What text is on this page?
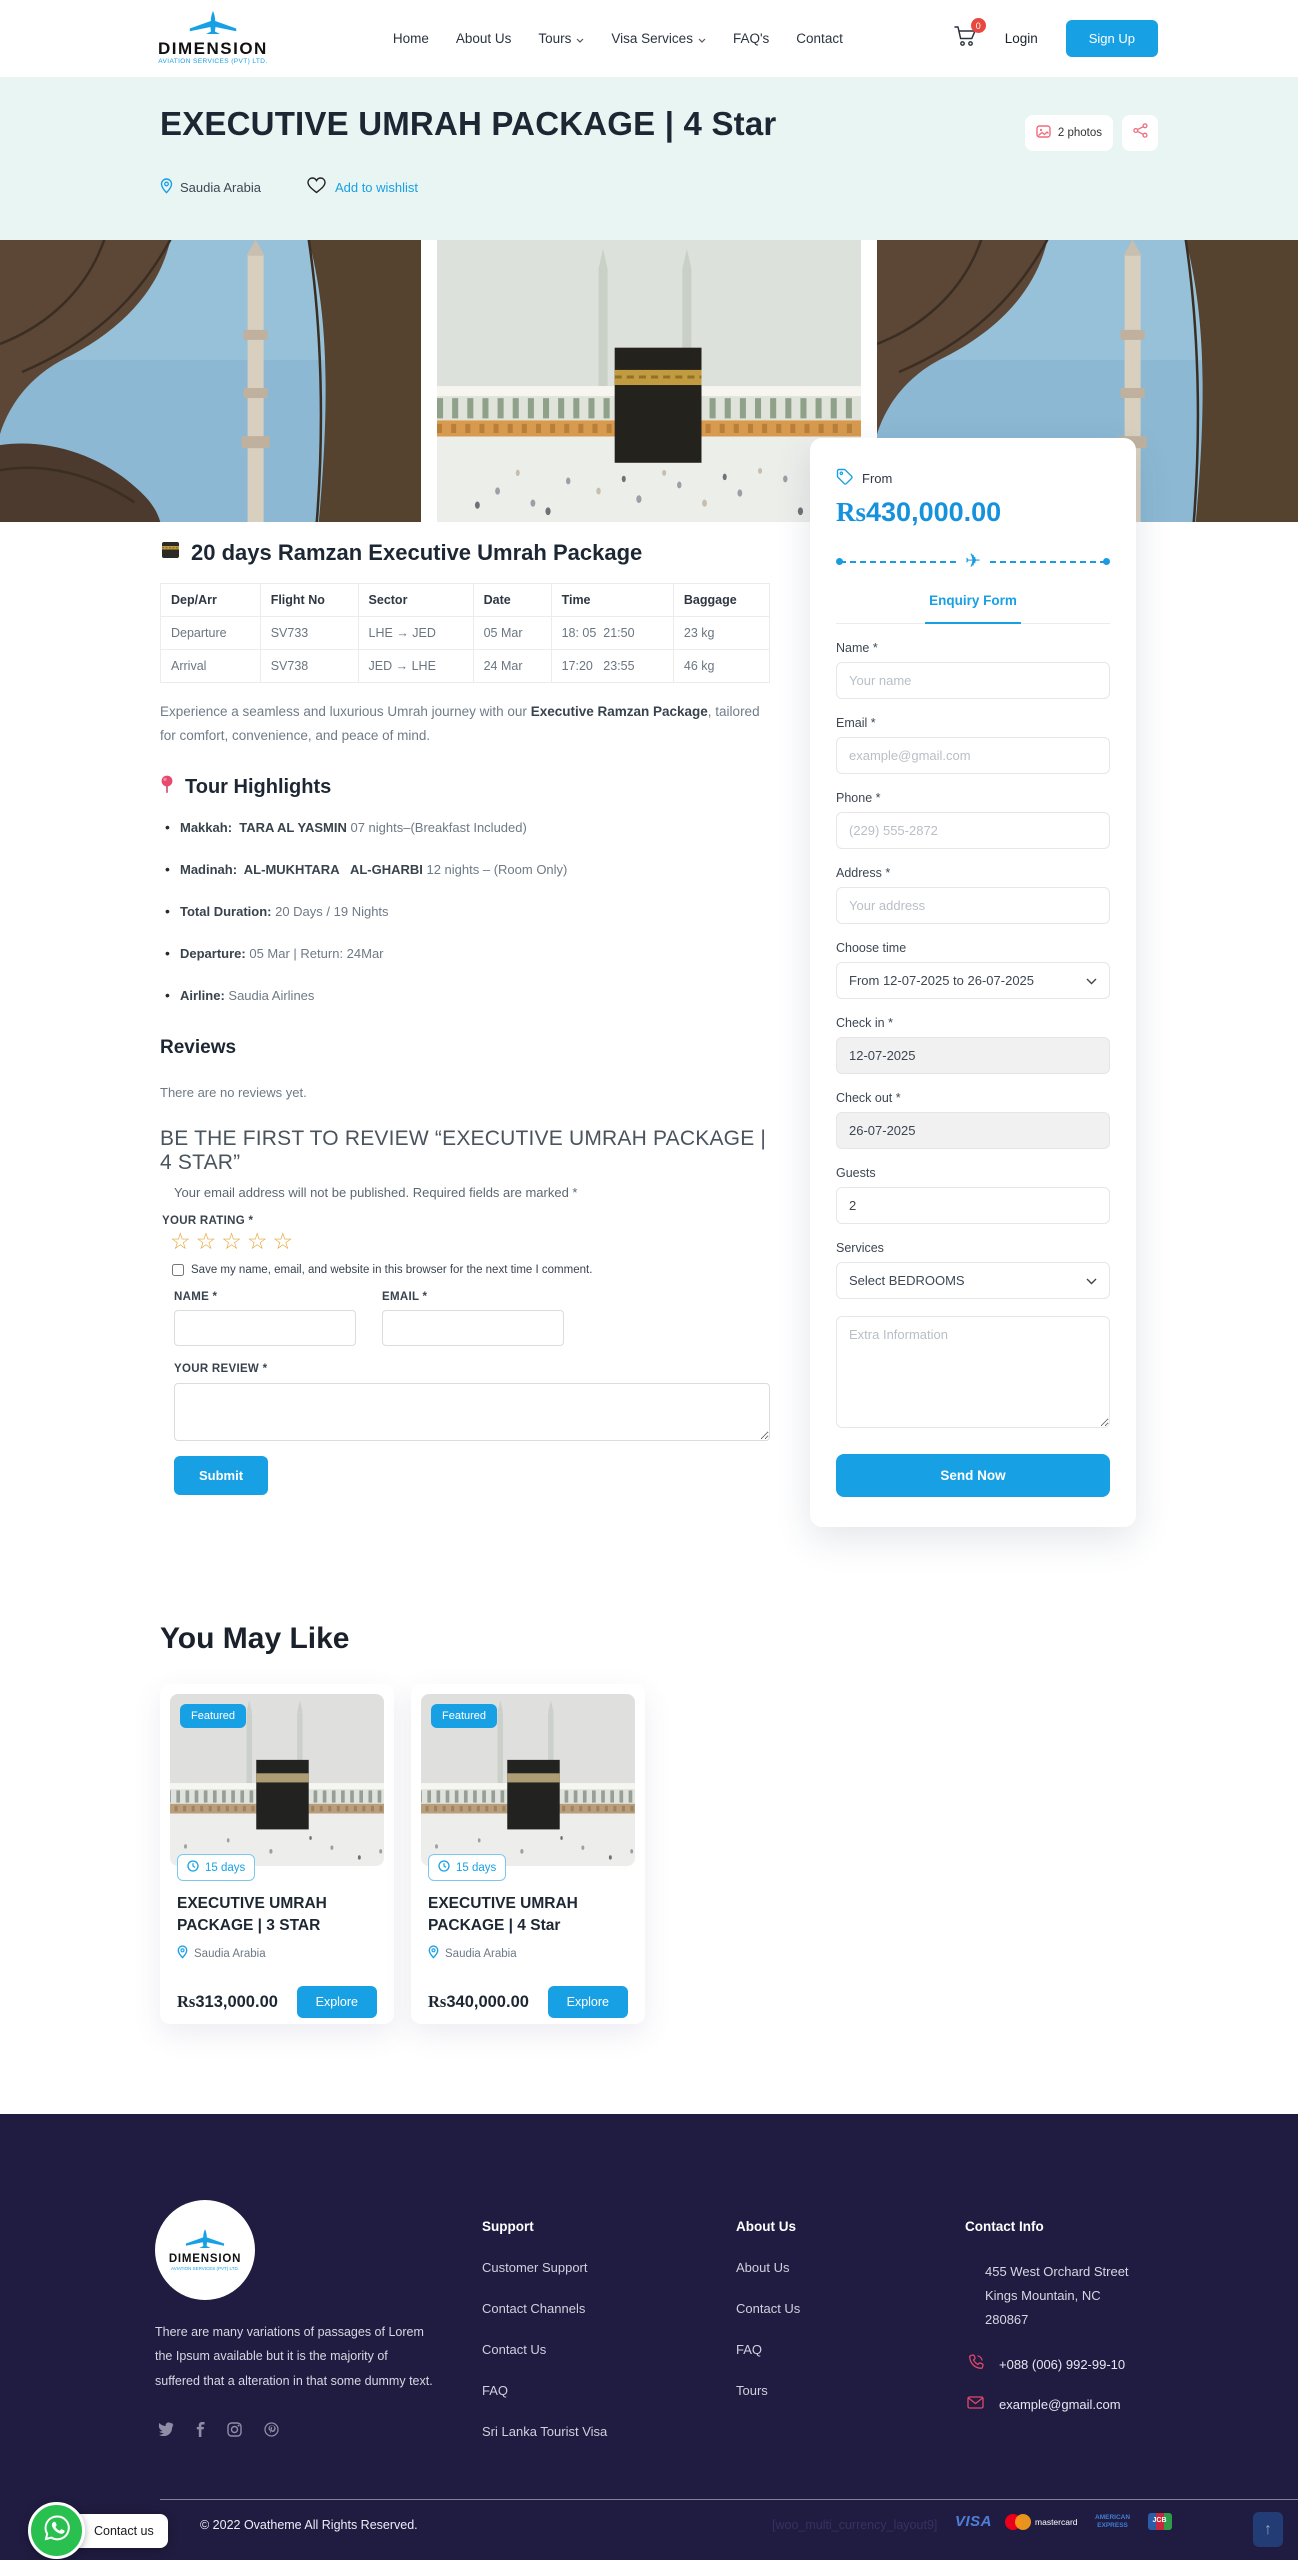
DIMENSION
AVIATION SERVICES (PVT) LTD.
Home About Us Tours	Visa Services	FAQ's Contact
0
Login	Sign Up
EXECUTIVE UMRAH PACKAGE | 4 Star
Saudia Arabia	Add to wishlist
2 photos
20 days Ramzan Executive Umrah Package
Dep/Arr	Flight No	Sector	Date	Time	Baggage
Departure	SV733	LHE → JED	05 Mar	18: 05  21:50	23 kg
Arrival	SV738	JED → LHE	24 Mar	17:20   23:55	46 kg

Experience a seamless and luxurious Umrah journey with our Executive Ramzan Package, tailored for comfort, convenience, and peace of mind.

Tour Highlights
• Makkah:  TARA AL YASMIN 07 nights–(Breakfast Included)
• Madinah:  AL-MUKHTARA   AL-GHARBI 12 nights – (Room Only)
• Total Duration: 20 Days / 19 Nights
• Departure: 05 Mar | Return: 24Mar
• Airline: Saudia Airlines
Reviews
There are no reviews yet.
BE THE FIRST TO REVIEW “EXECUTIVE UMRAH PACKAGE | 4 STAR”
Your email address will not be published. Required fields are marked *
YOUR RATING *
☆☆☆☆☆
Save my name, email, and website in this browser for the next time I comment.
NAME *	EMAIL *
YOUR REVIEW *
Submit
From
Rs430,000.00
✈
Enquiry Form
Name *
Your name
Email *
example@gmail.com
Phone *
(229) 555-2872
Address *
Your address
Choose time
From 12-07-2025 to 26-07-2025
Check in *
12-07-2025
Check out *
26-07-2025
Guests
2
Services
Select BEDROOMS
Extra Information Send Now
You May Like
Featured
15 days
EXECUTIVE UMRAH PACKAGE | 3 STAR
Saudia Arabia
Rs313,000.00	Explore
Featured
15 days
EXECUTIVE UMRAH PACKAGE | 4 Star
Saudia Arabia
Rs340,000.00	Explore
DIMENSION
AVIATION SERVICES (PVT) LTD.
There are many variations of passages of Lorem the Ipsum available but it is the majority of suffered that a alteration in that some dummy text.
Support
Customer Support
Contact Channels
Contact Us
FAQ
Sri Lanka Tourist Visa
About Us
About Us
Contact Us
FAQ
Tours
Contact Info
455 West Orchard Street
Kings Mountain, NC
280867
+088 (006) 992-99-10
example@gmail.com
© 2022 Ovatheme All Rights Reserved.	[woo_multi_currency_layout9] VISA	mastercard	AMERICAN EXPRESS
JCB	↑
Contact us
